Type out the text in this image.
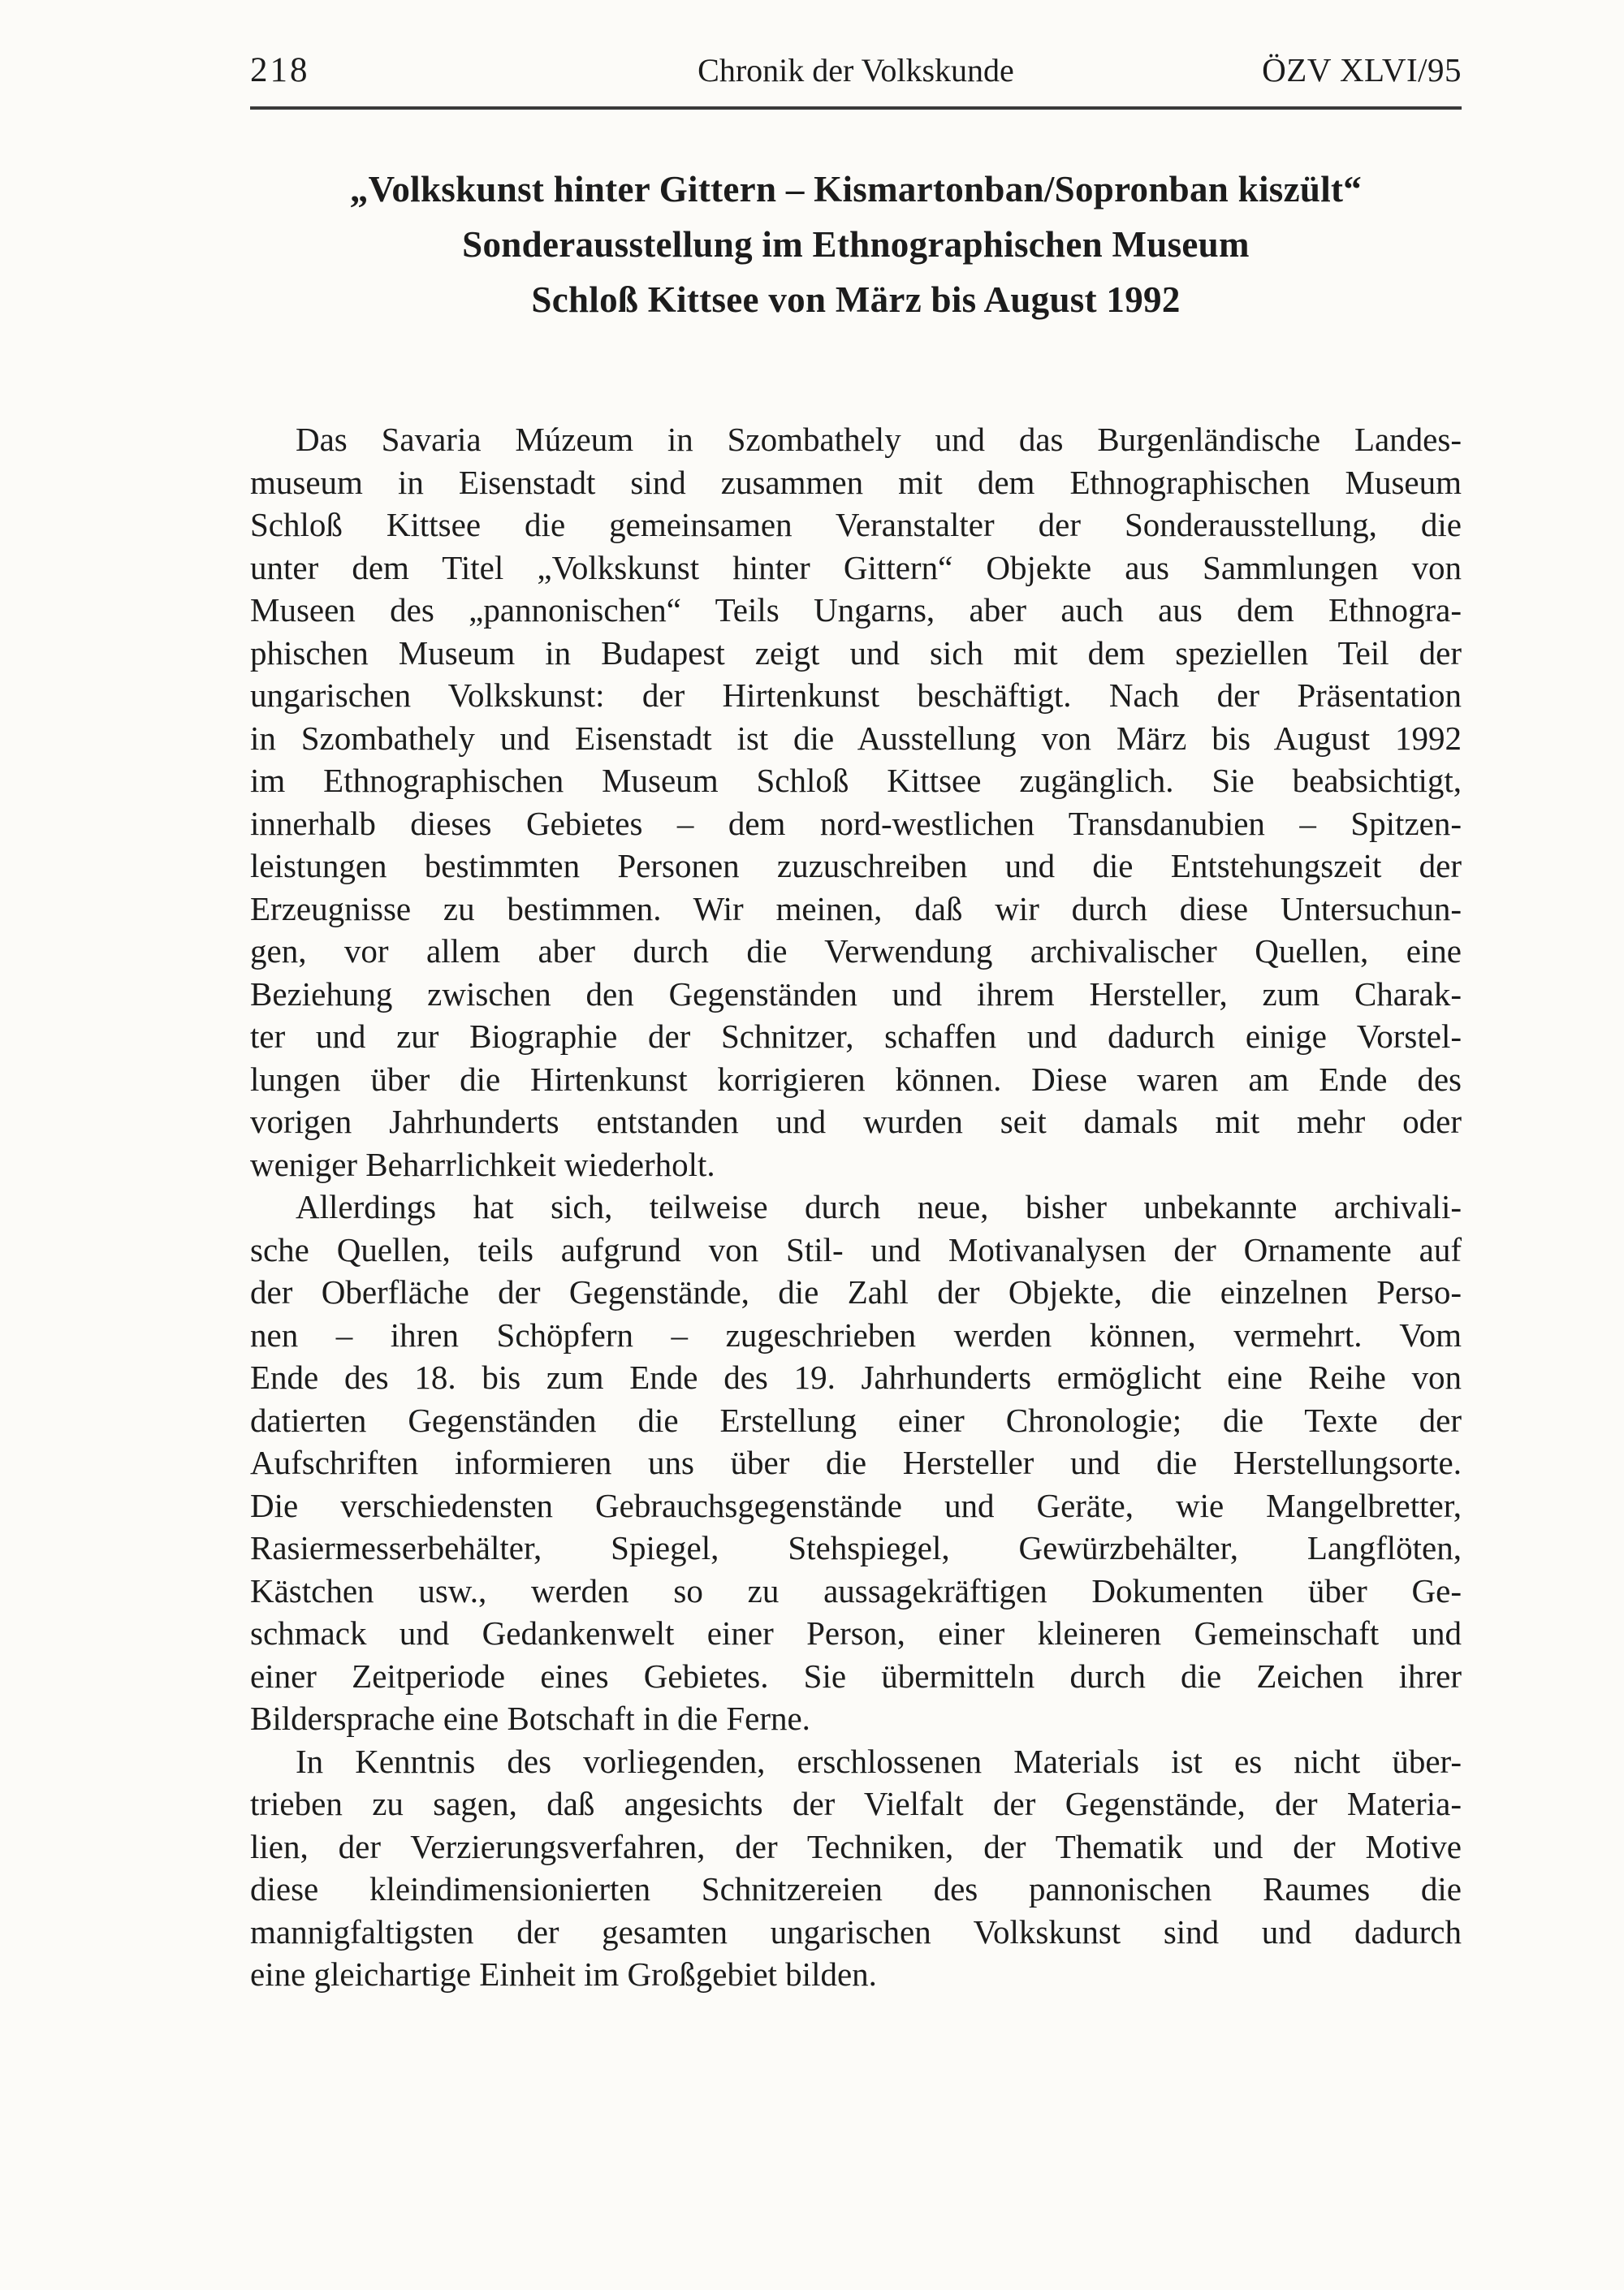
218	Chronik der Volkskunde	ÖZV XLVI/95
„Volkskunst hinter Gittern – Kismartonban/Sopronban kiszült“
Sonderausstellung im Ethnographischen Museum
Schloß Kittsee von März bis August 1992
Das Savaria Múzeum in Szombathely und das Burgenländische Landes-
museum in Eisenstadt sind zusammen mit dem Ethnographischen Museum
Schloß Kittsee die gemeinsamen Veranstalter der Sonderausstellung, die
unter dem Titel „Volkskunst hinter Gittern“ Objekte aus Sammlungen von
Museen des „pannonischen“ Teils Ungarns, aber auch aus dem Ethnogra-
phischen Museum in Budapest zeigt und sich mit dem speziellen Teil der
ungarischen Volkskunst: der Hirtenkunst beschäftigt. Nach der Präsentation
in Szombathely und Eisenstadt ist die Ausstellung von März bis August 1992
im Ethnographischen Museum Schloß Kittsee zugänglich. Sie beabsichtigt,
innerhalb dieses Gebietes – dem nord-westlichen Transdanubien – Spitzen-
leistungen bestimmten Personen zuzuschreiben und die Entstehungszeit der
Erzeugnisse zu bestimmen. Wir meinen, daß wir durch diese Untersuchun-
gen, vor allem aber durch die Verwendung archivalischer Quellen, eine
Beziehung zwischen den Gegenständen und ihrem Hersteller, zum Charak-
ter und zur Biographie der Schnitzer, schaffen und dadurch einige Vorstel-
lungen über die Hirtenkunst korrigieren können. Diese waren am Ende des
vorigen Jahrhunderts entstanden und wurden seit damals mit mehr oder
weniger Beharrlichkeit wiederholt.
Allerdings hat sich, teilweise durch neue, bisher unbekannte archivali-
sche Quellen, teils aufgrund von Stil- und Motivanalysen der Ornamente auf
der Oberfläche der Gegenstände, die Zahl der Objekte, die einzelnen Perso-
nen – ihren Schöpfern – zugeschrieben werden können, vermehrt. Vom
Ende des 18. bis zum Ende des 19. Jahrhunderts ermöglicht eine Reihe von
datierten Gegenständen die Erstellung einer Chronologie; die Texte der
Aufschriften informieren uns über die Hersteller und die Herstellungsorte.
Die verschiedensten Gebrauchsgegenstände und Geräte, wie Mangelbretter,
Rasiermesserbehälter, Spiegel, Stehspiegel, Gewürzbehälter, Langflöten,
Kästchen usw., werden so zu aussagekräftigen Dokumenten über Ge-
schmack und Gedankenwelt einer Person, einer kleineren Gemeinschaft und
einer Zeitperiode eines Gebietes. Sie übermitteln durch die Zeichen ihrer
Bildersprache eine Botschaft in die Ferne.
In Kenntnis des vorliegenden, erschlossenen Materials ist es nicht über-
trieben zu sagen, daß angesichts der Vielfalt der Gegenstände, der Materia-
lien, der Verzierungsverfahren, der Techniken, der Thematik und der Motive
diese kleindimensionierten Schnitzereien des pannonischen Raumes die
mannigfaltigsten der gesamten ungarischen Volkskunst sind und dadurch
eine gleichartige Einheit im Großgebiet bilden.
